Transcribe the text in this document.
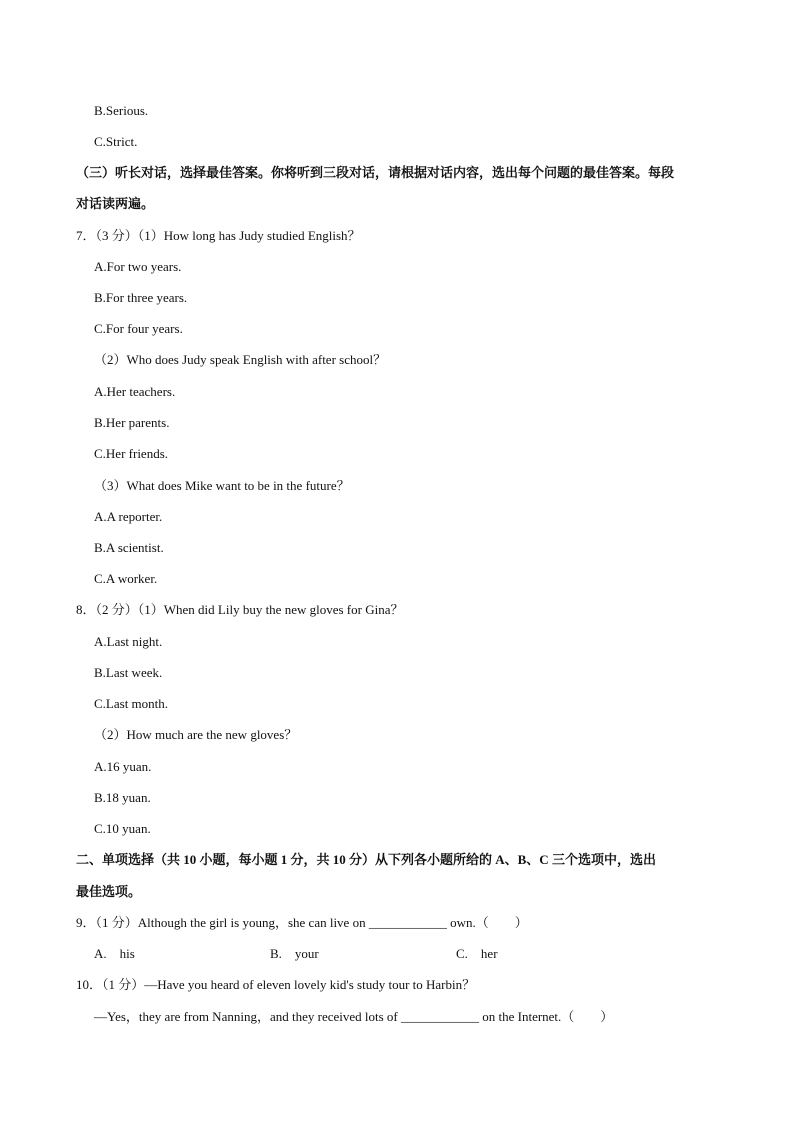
B.Serious.
C.Strict.
（三）听长对话，选择最佳答案。你将听到三段对话，请根据对话内容，选出每个问题的最佳答案。每段
对话读两遍。
7．（3 分）（1）How long has Judy studied English？
A.For two years.
B.For three years.
C.For four years.
（2）Who does Judy speak English with after school？
A.Her teachers.
B.Her parents.
C.Her friends.
（3）What does Mike want to be in the future？
A.A reporter.
B.A scientist.
C.A worker.
8．（2 分）（1）When did Lily buy the new gloves for Gina？
A.Last night.
B.Last week.
C.Last month.
（2）How much are the new gloves？
A.16 yuan.
B.18 yuan.
C.10 yuan.
二、单项选择（共 10 小题，每小题 1 分，共 10 分）从下列各小题所给的 A、B、C 三个选项中，选出
最佳选项。
9．（1 分）Although the girl is young，she can live on ____________ own.（　　）
A.　his	B.　your	C.　her
10．（1 分）—Have you heard of eleven lovely kid's study tour to Harbin？
—Yes，they are from Nanning，and they received lots of ____________ on the Internet.（　　）
